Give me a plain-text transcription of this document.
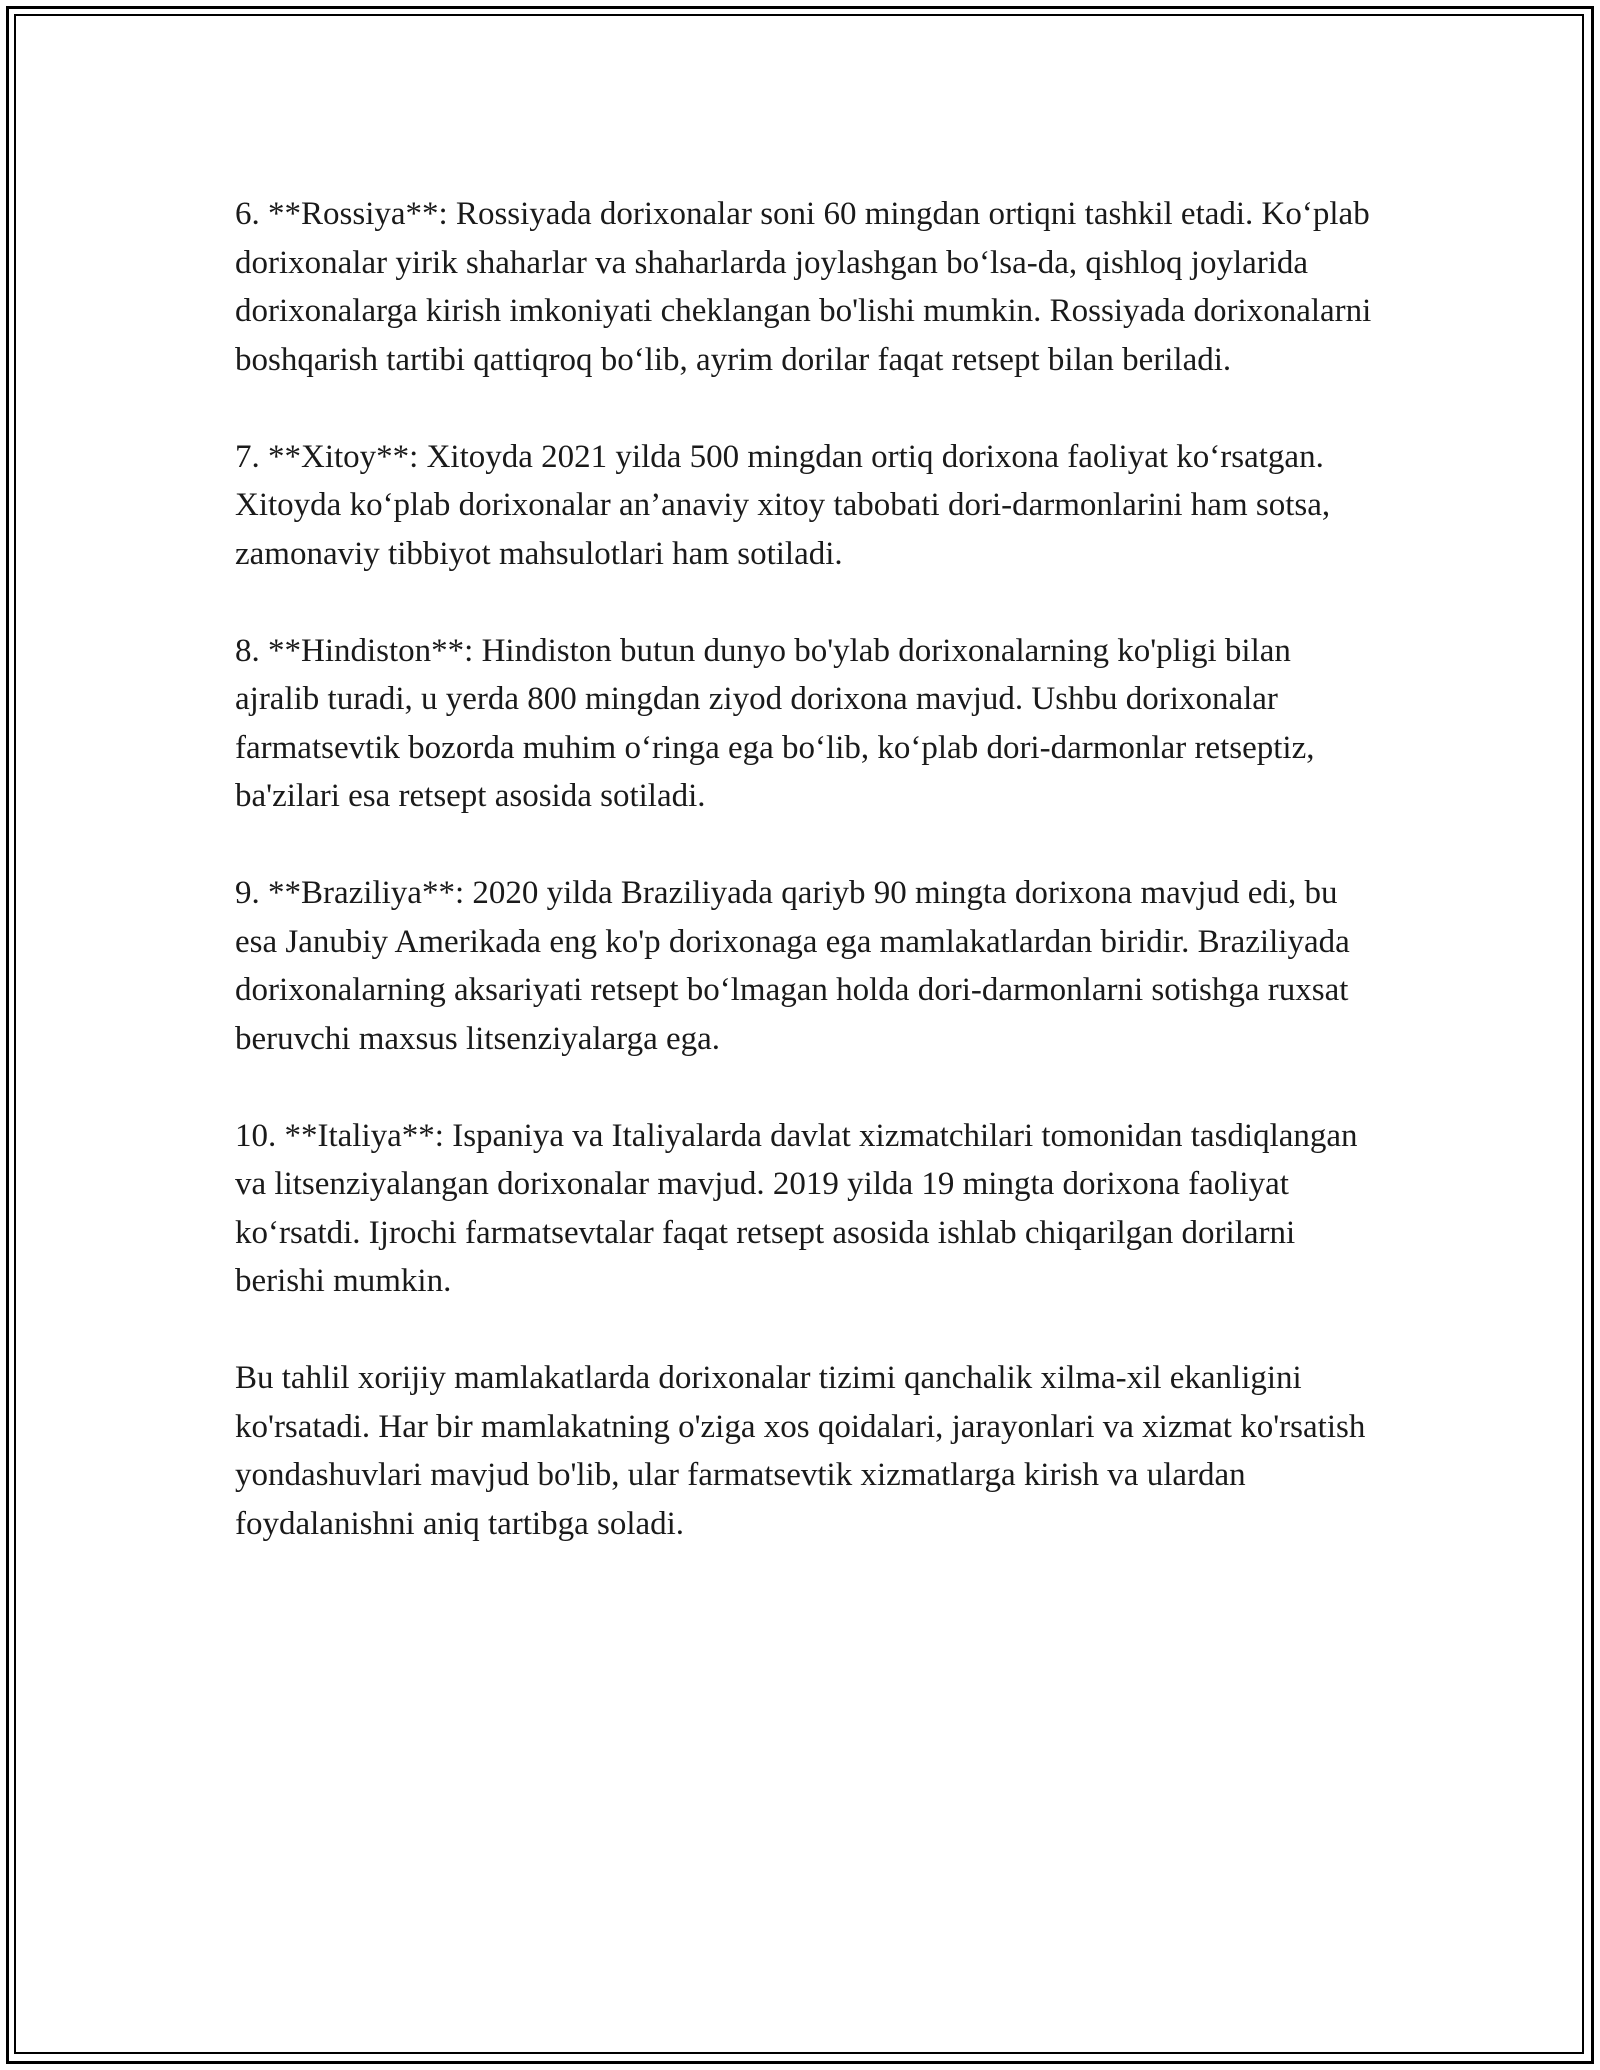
6. **Rossiya**: Rossiyada dorixonalar soni 60 mingdan ortiqni tashkil etadi. Ko‘plab dorixonalar yirik shaharlar va shaharlarda joylashgan bo‘lsa-da, qishloq joylarida dorixonalarga kirish imkoniyati cheklangan bo'lishi mumkin. Rossiyada dorixonalarni boshqarish tartibi qattiqroq bo‘lib, ayrim dorilar faqat retsept bilan beriladi.

7. **Xitoy**: Xitoyda 2021 yilda 500 mingdan ortiq dorixona faoliyat ko‘rsatgan. Xitoyda ko‘plab dorixonalar an’anaviy xitoy tabobati dori-darmonlarini ham sotsa, zamonaviy tibbiyot mahsulotlari ham sotiladi.

8. **Hindiston**: Hindiston butun dunyo bo'ylab dorixonalarning ko'pligi bilan ajralib turadi, u yerda 800 mingdan ziyod dorixona mavjud. Ushbu dorixonalar farmatsevtik bozorda muhim o‘ringa ega bo‘lib, ko‘plab dori-darmonlar retseptiz, ba'zilari esa retsept asosida sotiladi.

9. **Braziliya**: 2020 yilda Braziliyada qariyb 90 mingta dorixona mavjud edi, bu esa Janubiy Amerikada eng ko'p dorixonaga ega mamlakatlardan biridir. Braziliyada dorixonalarning aksariyati retsept bo‘lmagan holda dori-darmonlarni sotishga ruxsat beruvchi maxsus litsenziyalarga ega.

10. **Italiya**: Ispaniya va Italiyalarda davlat xizmatchilari tomonidan tasdiqlangan va litsenziyalangan dorixonalar mavjud. 2019 yilda 19 mingta dorixona faoliyat ko‘rsatdi. Ijrochi farmatsevtalar faqat retsept asosida ishlab chiqarilgan dorilarni berishi mumkin.

Bu tahlil xorijiy mamlakatlarda dorixonalar tizimi qanchalik xilma-xil ekanligini ko'rsatadi. Har bir mamlakatning o'ziga xos qoidalari, jarayonlari va xizmat ko'rsatish yondashuvlari mavjud bo'lib, ular farmatsevtik xizmatlarga kirish va ulardan foydalanishni aniq tartibga soladi.
